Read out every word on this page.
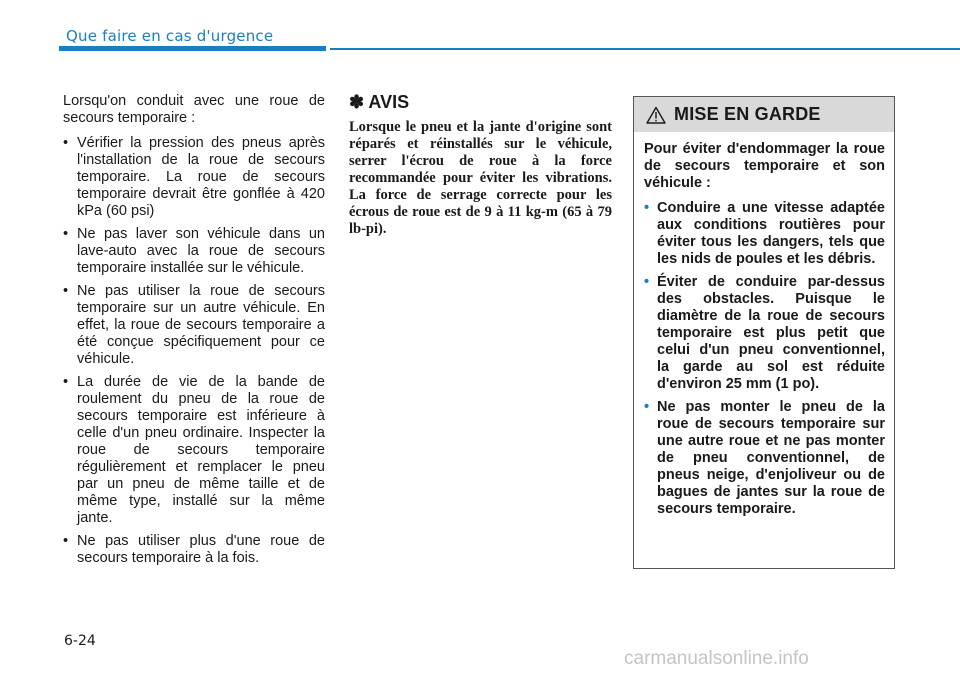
Que faire en cas d'urgence

Lorsqu'on conduit avec une roue de secours temporaire :

• Vérifier la pression des pneus après l'installation de la roue de secours temporaire. La roue de secours temporaire devrait être gonflée à 420 kPa (60 psi)
• Ne pas laver son véhicule dans un lave-auto avec la roue de secours temporaire installée sur le véhicule.
• Ne pas utiliser la roue de secours temporaire sur un autre véhicule. En effet, la roue de secours temporaire a été conçue spécifiquement pour ce véhicule.
• La durée de vie de la bande de roulement du pneu de la roue de secours temporaire est inférieure à celle d'un pneu ordinaire. Inspecter la roue de secours temporaire régulièrement et remplacer le pneu par un pneu de même taille et de même type, installé sur la même jante.
• Ne pas utiliser plus d'une roue de secours temporaire à la fois.
✽ AVIS

Lorsque le pneu et la jante d'origine sont réparés et réinstallés sur le véhicule, serrer l'écrou de roue à la force recommandée pour éviter les vibrations. La force de serrage correcte pour les écrous de roue est de 9 à 11 kg-m (65 à 79 lb-pi).

MISE EN GARDE

Pour éviter d'endommager la roue de secours temporaire et son véhicule :

• Conduire a une vitesse adaptée aux conditions routières pour éviter tous les dangers, tels que les nids de poules et les débris.
• Éviter de conduire par-dessus des obstacles. Puisque le diamètre de la roue de secours temporaire est plus petit que celui d'un pneu conventionnel, la garde au sol est réduite d'environ 25 mm (1 po).
• Ne pas monter le pneu de la roue de secours temporaire sur une autre roue et ne pas monter de pneu conventionnel, de pneus neige, d'enjoliveur ou de bagues de jantes sur la roue de secours temporaire.
6-24
carmanualsonline.info
